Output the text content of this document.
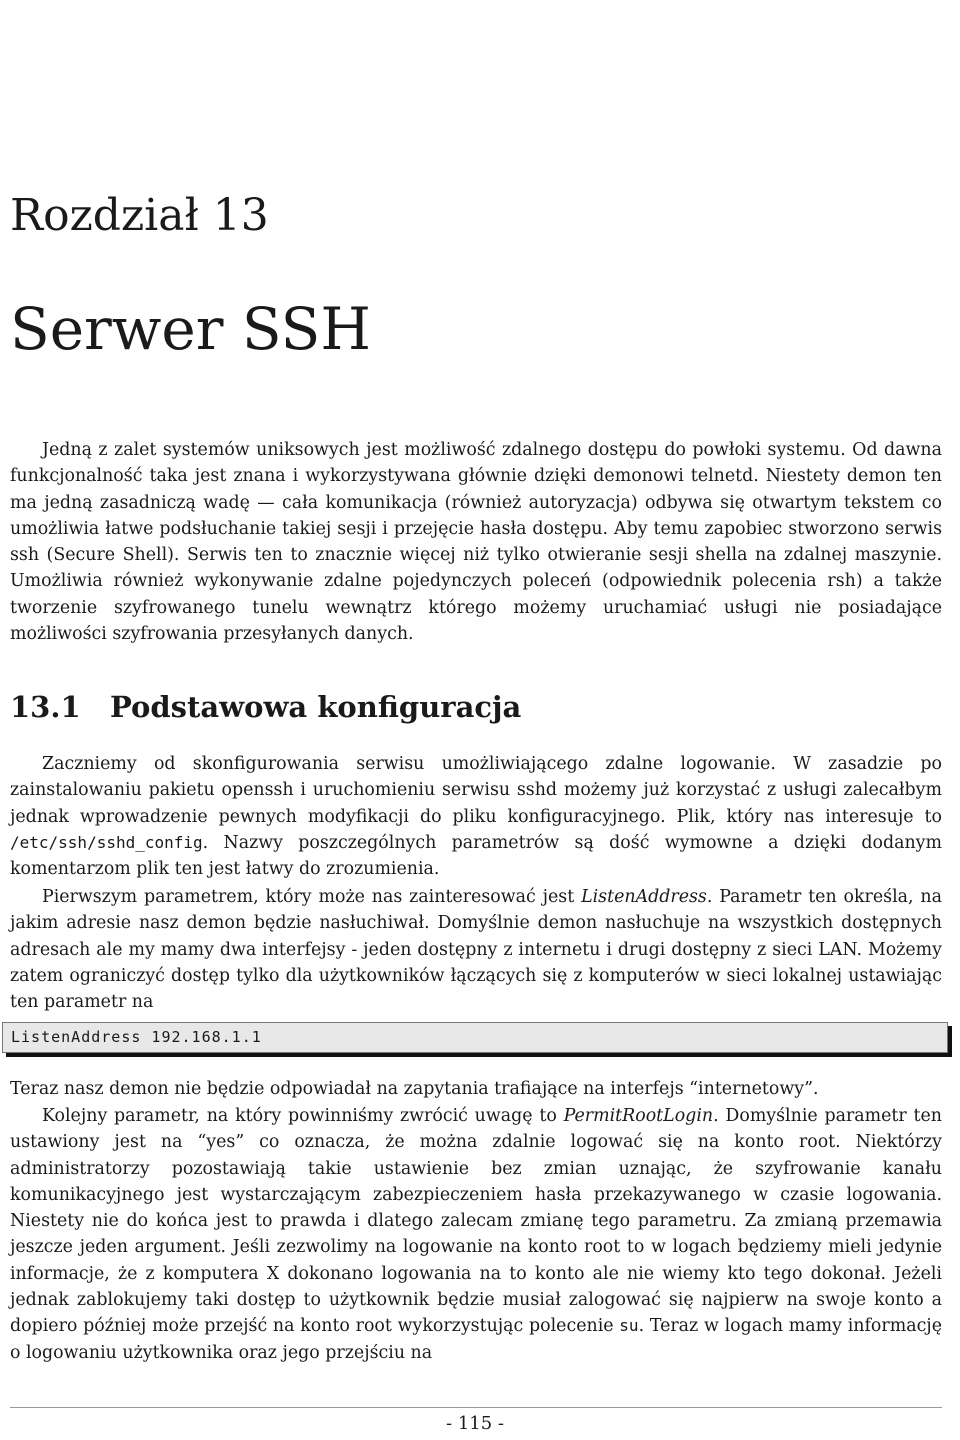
Rozdział 13
Serwer SSH

Jedną z zalet systemów uniksowych jest możliwość zdalnego dostępu do powłoki systemu. Od dawna funkcjonalność taka jest znana i wykorzystywana głównie dzięki demonowi telnetd. Niestety demon ten ma jedną zasadniczą wadę — cała komunikacja (również autoryzacja) odbywa się otwartym tekstem co umożliwia łatwe podsłuchanie takiej sesji i przejęcie hasła dostępu. Aby temu zapobiec stworzono serwis ssh (Secure Shell). Serwis ten to znacznie więcej niż tylko otwieranie sesji shella na zdalnej maszynie. Umożliwia również wykonywanie zdalne pojedynczych poleceń (odpowiednik polecenia rsh) a także tworzenie szyfrowanego tunelu wewnątrz którego możemy uruchamiać usługi nie posiadające możliwości szyfrowania przesyłanych danych.

13.1 Podstawowa konfiguracja

Zaczniemy od skonfigurowania serwisu umożliwiającego zdalne logowanie. W zasadzie po zainstalowaniu pakietu openssh i uruchomieniu serwisu sshd możemy już korzystać z usługi zalecałbym jednak wprowadzenie pewnych modyfikacji do pliku konfiguracyjnego. Plik, który nas interesuje to /etc/ssh/sshd_config. Nazwy poszczególnych parametrów są dość wymowne a dzięki dodanym komentarzom plik ten jest łatwy do zrozumienia.

Pierwszym parametrem, który może nas zainteresować jest ListenAddress. Parametr ten określa, na jakim adresie nasz demon będzie nasłuchiwał. Domyślnie demon nasłuchuje na wszystkich dostępnych adresach ale my mamy dwa interfejsy - jeden dostępny z internetu i drugi dostępny z sieci LAN. Możemy zatem ograniczyć dostęp tylko dla użytkowników łączących się z komputerów w sieci lokalnej ustawiając ten parametr na

ListenAddress 192.168.1.1

Teraz nasz demon nie będzie odpowiadał na zapytania trafiające na interfejs “internetowy”.

Kolejny parametr, na który powinniśmy zwrócić uwagę to PermitRootLogin. Domyślnie parametr ten ustawiony jest na “yes” co oznacza, że można zdalnie logować się na konto root. Niektórzy administratorzy pozostawiają takie ustawienie bez zmian uznając, że szyfrowanie kanału komunikacyjnego jest wystarczającym zabezpieczeniem hasła przekazywanego w czasie logowania. Niestety nie do końca jest to prawda i dlatego zalecam zmianę tego parametru. Za zmianą przemawia jeszcze jeden argument. Jeśli zezwolimy na logowanie na konto root to w logach będziemy mieli jedynie informacje, że z komputera X dokonano logowania na to konto ale nie wiemy kto tego dokonał. Jeżeli jednak zablokujemy taki dostęp to użytkownik będzie musiał zalogować się najpierw na swoje konto a dopiero później może przejść na konto root wykorzystując polecenie su. Teraz w logach mamy informację o logowaniu użytkownika oraz jego przejściu na

- 115 -
